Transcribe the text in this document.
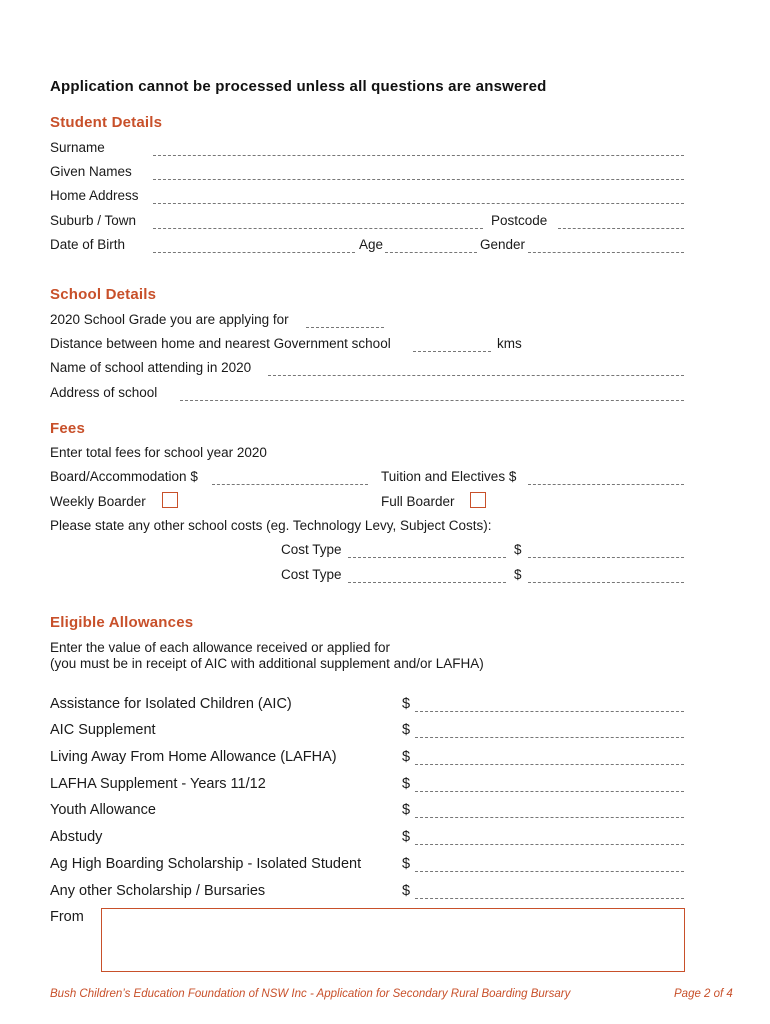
Application cannot be processed unless all questions are answered
Student Details
Surname
Given Names
Home Address
Suburb / Town	Postcode
Date of Birth	Age	Gender
School Details
2020 School Grade you are applying for
Distance between home and nearest Government school	kms
Name of school attending in 2020
Address of school
Fees
Enter total fees for school year 2020
Board/Accommodation $	Tuition and Electives $
Weekly Boarder	Full Boarder
Please state any other school costs (eg. Technology Levy, Subject Costs):
Cost Type	$
Cost Type	$
Eligible Allowances
Enter the value of each allowance received or applied for
(you must be in receipt of AIC with additional supplement and/or LAFHA)
Assistance for Isolated Children (AIC)	$
AIC Supplement	$
Living Away From Home Allowance (LAFHA)	$
LAFHA Supplement - Years 11/12	$
Youth Allowance	$
Abstudy	$
Ag High Boarding Scholarship - Isolated Student	$
Any other Scholarship / Bursaries	$
From
Bush Children’s Education Foundation of NSW Inc - Application for Secondary Rural Boarding Bursary	Page 2 of 4
